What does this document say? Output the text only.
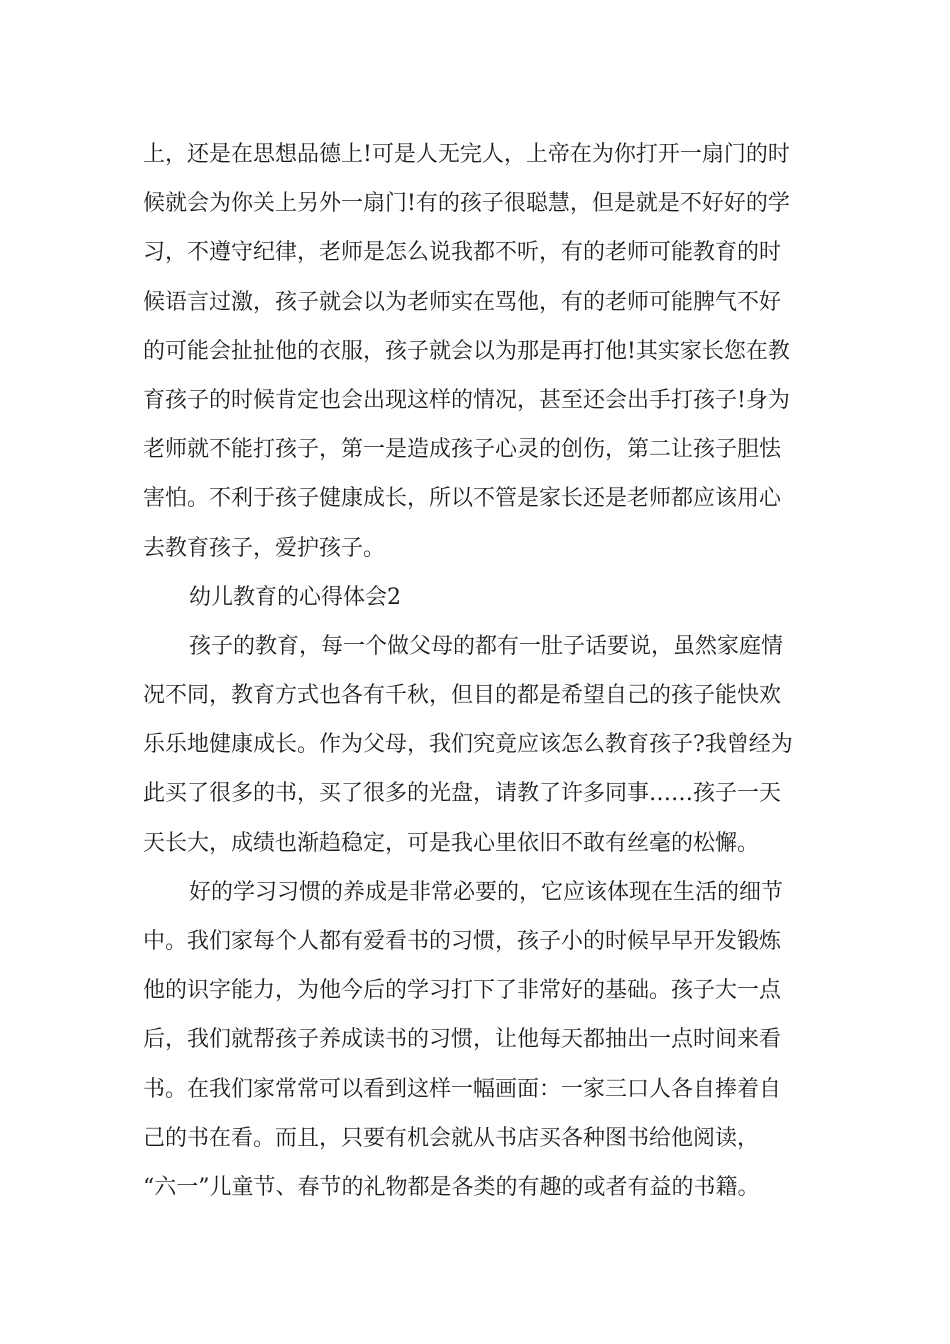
上，还是在思想品德上!可是人无完人，上帝在为你打开一扇门的时
候就会为你关上另外一扇门!有的孩子很聪慧，但是就是不好好的学
习，不遵守纪律，老师是怎么说我都不听，有的老师可能教育的时
候语言过激，孩子就会以为老师实在骂他，有的老师可能脾气不好
的可能会扯扯他的衣服，孩子就会以为那是再打他!其实家长您在教
育孩子的时候肯定也会出现这样的情况，甚至还会出手打孩子!身为
老师就不能打孩子，第一是造成孩子心灵的创伤，第二让孩子胆怯
害怕。不利于孩子健康成长，所以不管是家长还是老师都应该用心
去教育孩子，爱护孩子。
幼儿教育的心得体会2
孩子的教育，每一个做父母的都有一肚子话要说，虽然家庭情
况不同，教育方式也各有千秋，但目的都是希望自己的孩子能快欢
乐乐地健康成长。作为父母，我们究竟应该怎么教育孩子?我曾经为
此买了很多的书，买了很多的光盘，请教了许多同事……孩子一天
天长大，成绩也渐趋稳定，可是我心里依旧不敢有丝毫的松懈。
好的学习习惯的养成是非常必要的，它应该体现在生活的细节
中。我们家每个人都有爱看书的习惯，孩子小的时候早早开发锻炼
他的识字能力，为他今后的学习打下了非常好的基础。孩子大一点
后，我们就帮孩子养成读书的习惯，让他每天都抽出一点时间来看
书。在我们家常常可以看到这样一幅画面：一家三口人各自捧着自
己的书在看。而且，只要有机会就从书店买各种图书给他阅读，
“六一”儿童节、春节的礼物都是各类的有趣的或者有益的书籍。
